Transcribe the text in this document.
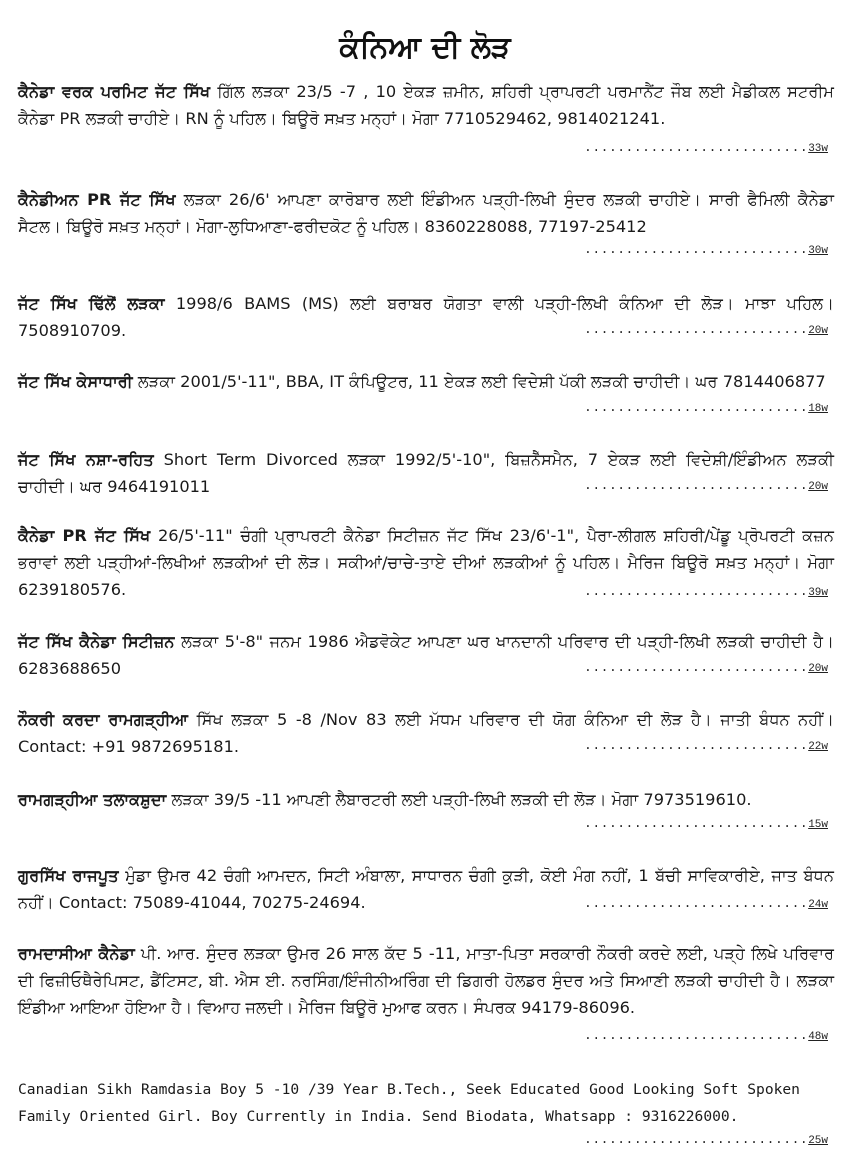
ਕੰਨਿਆ ਦੀ ਲੋੜ
ਕੈਨੇਡਾ ਵਰਕ ਪਰਮਿਟ ਜੱਟ ਸਿੱਖ ਗਿੱਲ ਲੜਕਾ 23/5 -7 , 10 ਏਕੜ ਜ਼ਮੀਨ, ਸ਼ਹਿਰੀ ਪ੍ਰਾਪਰਟੀ ਪਰਮਾਨੈਂਟ ਜੌਬ ਲਈ ਮੈਡੀਕਲ ਸਟਰੀਮ ਕੈਨੇਡਾ PR ਲੜਕੀ ਚਾਹੀਏ। RN ਨੂੰ ਪਹਿਲ। ਬਿਊਰੋ ਸਖ਼ਤ ਮਨ੍ਹਾਂ। ਮੋਗਾ 7710529462, 9814021241.
...........................33w
ਕੈਨੇਡੀਅਨ PR ਜੱਟ ਸਿੱਖ ਲੜਕਾ 26/6' ਆਪਣਾ ਕਾਰੋਬਾਰ ਲਈ ਇੰਡੀਅਨ ਪੜ੍ਹੀ-ਲਿਖੀ ਸੁੰਦਰ ਲੜਕੀ ਚਾਹੀਏ। ਸਾਰੀ ਫੈਮਿਲੀ ਕੈਨੇਡਾ ਸੈਟਲ। ਬਿਊਰੋ ਸਖ਼ਤ ਮਨ੍ਹਾਂ। ਮੋਗਾ-ਲੁਧਿਆਣਾ-ਫਰੀਦਕੋਟ ਨੂੰ ਪਹਿਲ। 8360228088, 77197-25412
...........................30w
ਜੱਟ ਸਿੱਖ ਢਿੱਲੋਂ ਲੜਕਾ 1998/6 BAMS (MS) ਲਈ ਬਰਾਬਰ ਯੋਗਤਾ ਵਾਲੀ ਪੜ੍ਹੀ-ਲਿਖੀ ਕੰਨਿਆ ਦੀ ਲੋੜ। ਮਾਝਾ ਪਹਿਲ। 7508910709.	...........................20w
ਜੱਟ ਸਿੱਖ ਕੇਸਾਧਾਰੀ ਲੜਕਾ 2001/5'-11", BBA, IT ਕੰਪਿਊਟਰ, 11 ਏਕੜ ਲਈ ਵਿਦੇਸ਼ੀ ਪੱਕੀ ਲੜਕੀ ਚਾਹੀਦੀ। ਘਰ 7814406877
...........................18w
ਜੱਟ ਸਿੱਖ ਨਸ਼ਾ-ਰਹਿਤ Short Term Divorced ਲੜਕਾ 1992/5'-10", ਬਿਜ਼ਨੈੱਸਮੈਨ, 7 ਏਕੜ ਲਈ ਵਿਦੇਸ਼ੀ/ਇੰਡੀਅਨ ਲੜਕੀ ਚਾਹੀਦੀ। ਘਰ 9464191011	...........................20w
ਕੈਨੇਡਾ PR ਜੱਟ ਸਿੱਖ 26/5'-11" ਚੰਗੀ ਪ੍ਰਾਪਰਟੀ ਕੈਨੇਡਾ ਸਿਟੀਜ਼ਨ ਜੱਟ ਸਿੱਖ 23/6'-1", ਪੈਰਾ-ਲੀਗਲ ਸ਼ਹਿਰੀ/ਪੇਂਡੂ ਪ੍ਰੋਪਰਟੀ ਕਜ਼ਨ ਭਰਾਵਾਂ ਲਈ ਪੜ੍ਹੀਆਂ-ਲਿਖੀਆਂ ਲੜਕੀਆਂ ਦੀ ਲੋੜ। ਸਕੀਆਂ/ਚਾਚੇ-ਤਾਏ ਦੀਆਂ ਲੜਕੀਆਂ ਨੂੰ ਪਹਿਲ। ਮੈਰਿਜ ਬਿਊਰੋ ਸਖ਼ਤ ਮਨ੍ਹਾਂ। ਮੋਗਾ 6239180576.	...........................39w
ਜੱਟ ਸਿੱਖ ਕੈਨੇਡਾ ਸਿਟੀਜ਼ਨ ਲੜਕਾ 5'-8" ਜਨਮ 1986 ਐਡਵੋਕੇਟ ਆਪਣਾ ਘਰ ਖਾਨਦਾਨੀ ਪਰਿਵਾਰ ਦੀ ਪੜ੍ਹੀ-ਲਿਖੀ ਲੜਕੀ ਚਾਹੀਦੀ ਹੈ। 6283688650	...........................20w
ਨੌਕਰੀ ਕਰਦਾ ਰਾਮਗੜ੍ਹੀਆ ਸਿੱਖ ਲੜਕਾ 5 -8 /Nov 83 ਲਈ ਮੱਧਮ ਪਰਿਵਾਰ ਦੀ ਯੋਗ ਕੰਨਿਆ ਦੀ ਲੋੜ ਹੈ। ਜਾਤੀ ਬੰਧਨ ਨਹੀਂ। Contact: +91 9872695181.	...........................22w
ਰਾਮਗੜ੍ਹੀਆ ਤਲਾਕਸ਼ੁਦਾ ਲੜਕਾ 39/5 -11 ਆਪਣੀ ਲੈਬਾਰਟਰੀ ਲਈ ਪੜ੍ਹੀ-ਲਿਖੀ ਲੜਕੀ ਦੀ ਲੋੜ। ਮੋਗਾ 7973519610.
...........................15w
ਗੁਰਸਿੱਖ ਰਾਜਪੂਤ ਮੁੰਡਾ ਉਮਰ 42 ਚੰਗੀ ਆਮਦਨ, ਸਿਟੀ ਅੰਬਾਲਾ, ਸਾਧਾਰਨ ਚੰਗੀ ਕੁੜੀ, ਕੋਈ ਮੰਗ ਨਹੀਂ, 1 ਬੱਚੀ ਸਾਵਿਕਾਰੀਏ, ਜਾਤ ਬੰਧਨ ਨਹੀਂ। Contact: 75089-41044, 70275-24694.	...........................24w
ਰਾਮਦਾਸੀਆ ਕੈਨੇਡਾ ਪੀ. ਆਰ. ਸੁੰਦਰ ਲੜਕਾ ਉਮਰ 26 ਸਾਲ ਕੱਦ 5 -11, ਮਾਤਾ-ਪਿਤਾ ਸਰਕਾਰੀ ਨੌਕਰੀ ਕਰਦੇ ਲਈ, ਪੜ੍ਹੇ ਲਿਖੇ ਪਰਿਵਾਰ ਦੀ ਫਿਜ਼ੀਓਥੈਰੇਪਿਸਟ, ਡੈਂਟਿਸਟ, ਬੀ. ਐਸ ਈ. ਨਰਸਿੰਗ/ਇੰਜੀਨੀਅਰਿੰਗ ਦੀ ਡਿਗਰੀ ਹੋਲਡਰ ਸੁੰਦਰ ਅਤੇ ਸਿਆਣੀ ਲੜਕੀ ਚਾਹੀਦੀ ਹੈ। ਲੜਕਾ ਇੰਡੀਆ ਆਇਆ ਹੋਇਆ ਹੈ। ਵਿਆਹ ਜਲਦੀ। ਮੈਰਿਜ ਬਿਊਰੋ ਮੁਆਫ ਕਰਨ। ਸੰਪਰਕ 94179-86096.
...........................48w
Canadian Sikh Ramdasia Boy 5 -10 /39 Year B.Tech., Seek Educated Good Looking Soft Spoken Family Oriented Girl. Boy Currently in India. Send Biodata, Whatsapp : 9316226000.
...........................25w
